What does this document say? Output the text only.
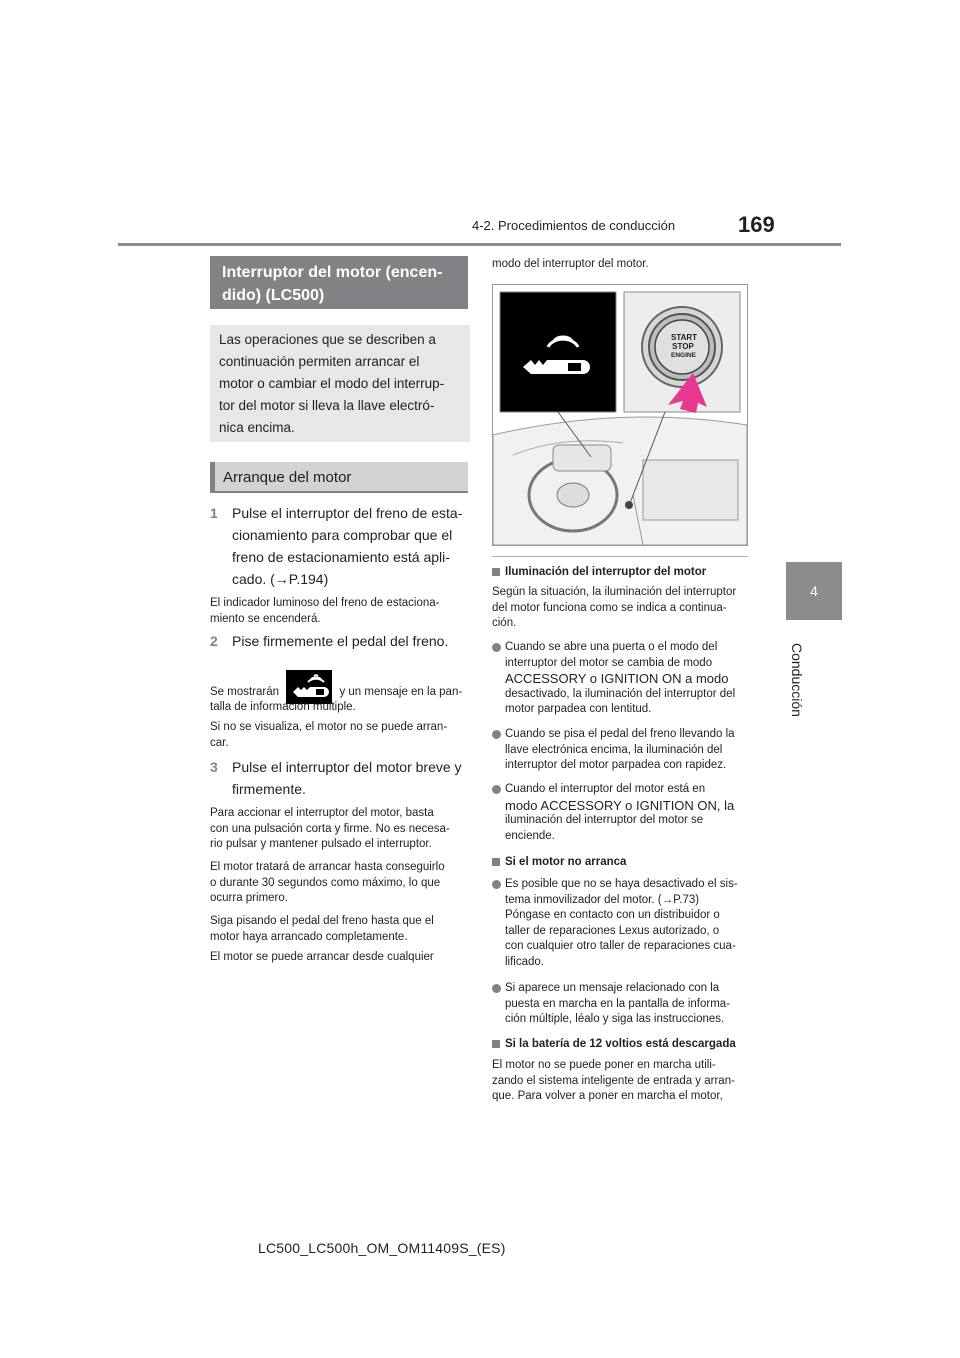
4-2. Procedimientos de conducción	169
4
Conducción
Interruptor del motor (encen-
dido) (LC500)
Las operaciones que se describen a
continuación permiten arrancar el
motor o cambiar el modo del interrup-
tor del motor si lleva la llave electró-
nica encima.
Arranque del motor
1 Pulse el interruptor del freno de esta-
cionamiento para comprobar que el
freno de estacionamiento está apli-
cado. (→P.194)
El indicador luminoso del freno de estaciona-
miento se encenderá.
2 Pise firmemente el pedal del freno.
Se mostrarán	y un mensaje en la pan-
talla de información múltiple.
Si no se visualiza, el motor no se puede arran-
car.
3 Pulse el interruptor del motor breve y
firmemente.
Para accionar el interruptor del motor, basta
con una pulsación corta y firme. No es necesa-
rio pulsar y mantener pulsado el interruptor.
El motor tratará de arrancar hasta conseguirlo
o durante 30 segundos como máximo, lo que
ocurra primero.
Siga pisando el pedal del freno hasta que el
motor haya arrancado completamente.
El motor se puede arrancar desde cualquier
modo del interruptor del motor.
START
STOP
ENGINE
Iluminación del interruptor del motor
Según la situación, la iluminación del interruptor
del motor funciona como se indica a continua-
ción.
Cuando se abre una puerta o el modo del
interruptor del motor se cambia de modo
ACCESSORY o IGNITION ON a modo
desactivado, la iluminación del interruptor del
motor parpadea con lentitud.
Cuando se pisa el pedal del freno llevando la
llave electrónica encima, la iluminación del
interruptor del motor parpadea con rapidez.
Cuando el interruptor del motor está en
modo ACCESSORY o IGNITION ON, la
iluminación del interruptor del motor se
enciende.
Si el motor no arranca
Es posible que no se haya desactivado el sis-
tema inmovilizador del motor. (→P.73)
Póngase en contacto con un distribuidor o
taller de reparaciones Lexus autorizado, o
con cualquier otro taller de reparaciones cua-
lificado.
Si aparece un mensaje relacionado con la
puesta en marcha en la pantalla de informa-
ción múltiple, léalo y siga las instrucciones.
Si la batería de 12 voltios está descargada
El motor no se puede poner en marcha utili-
zando el sistema inteligente de entrada y arran-
que. Para volver a poner en marcha el motor,
LC500_LC500h_OM_OM11409S_(ES)
